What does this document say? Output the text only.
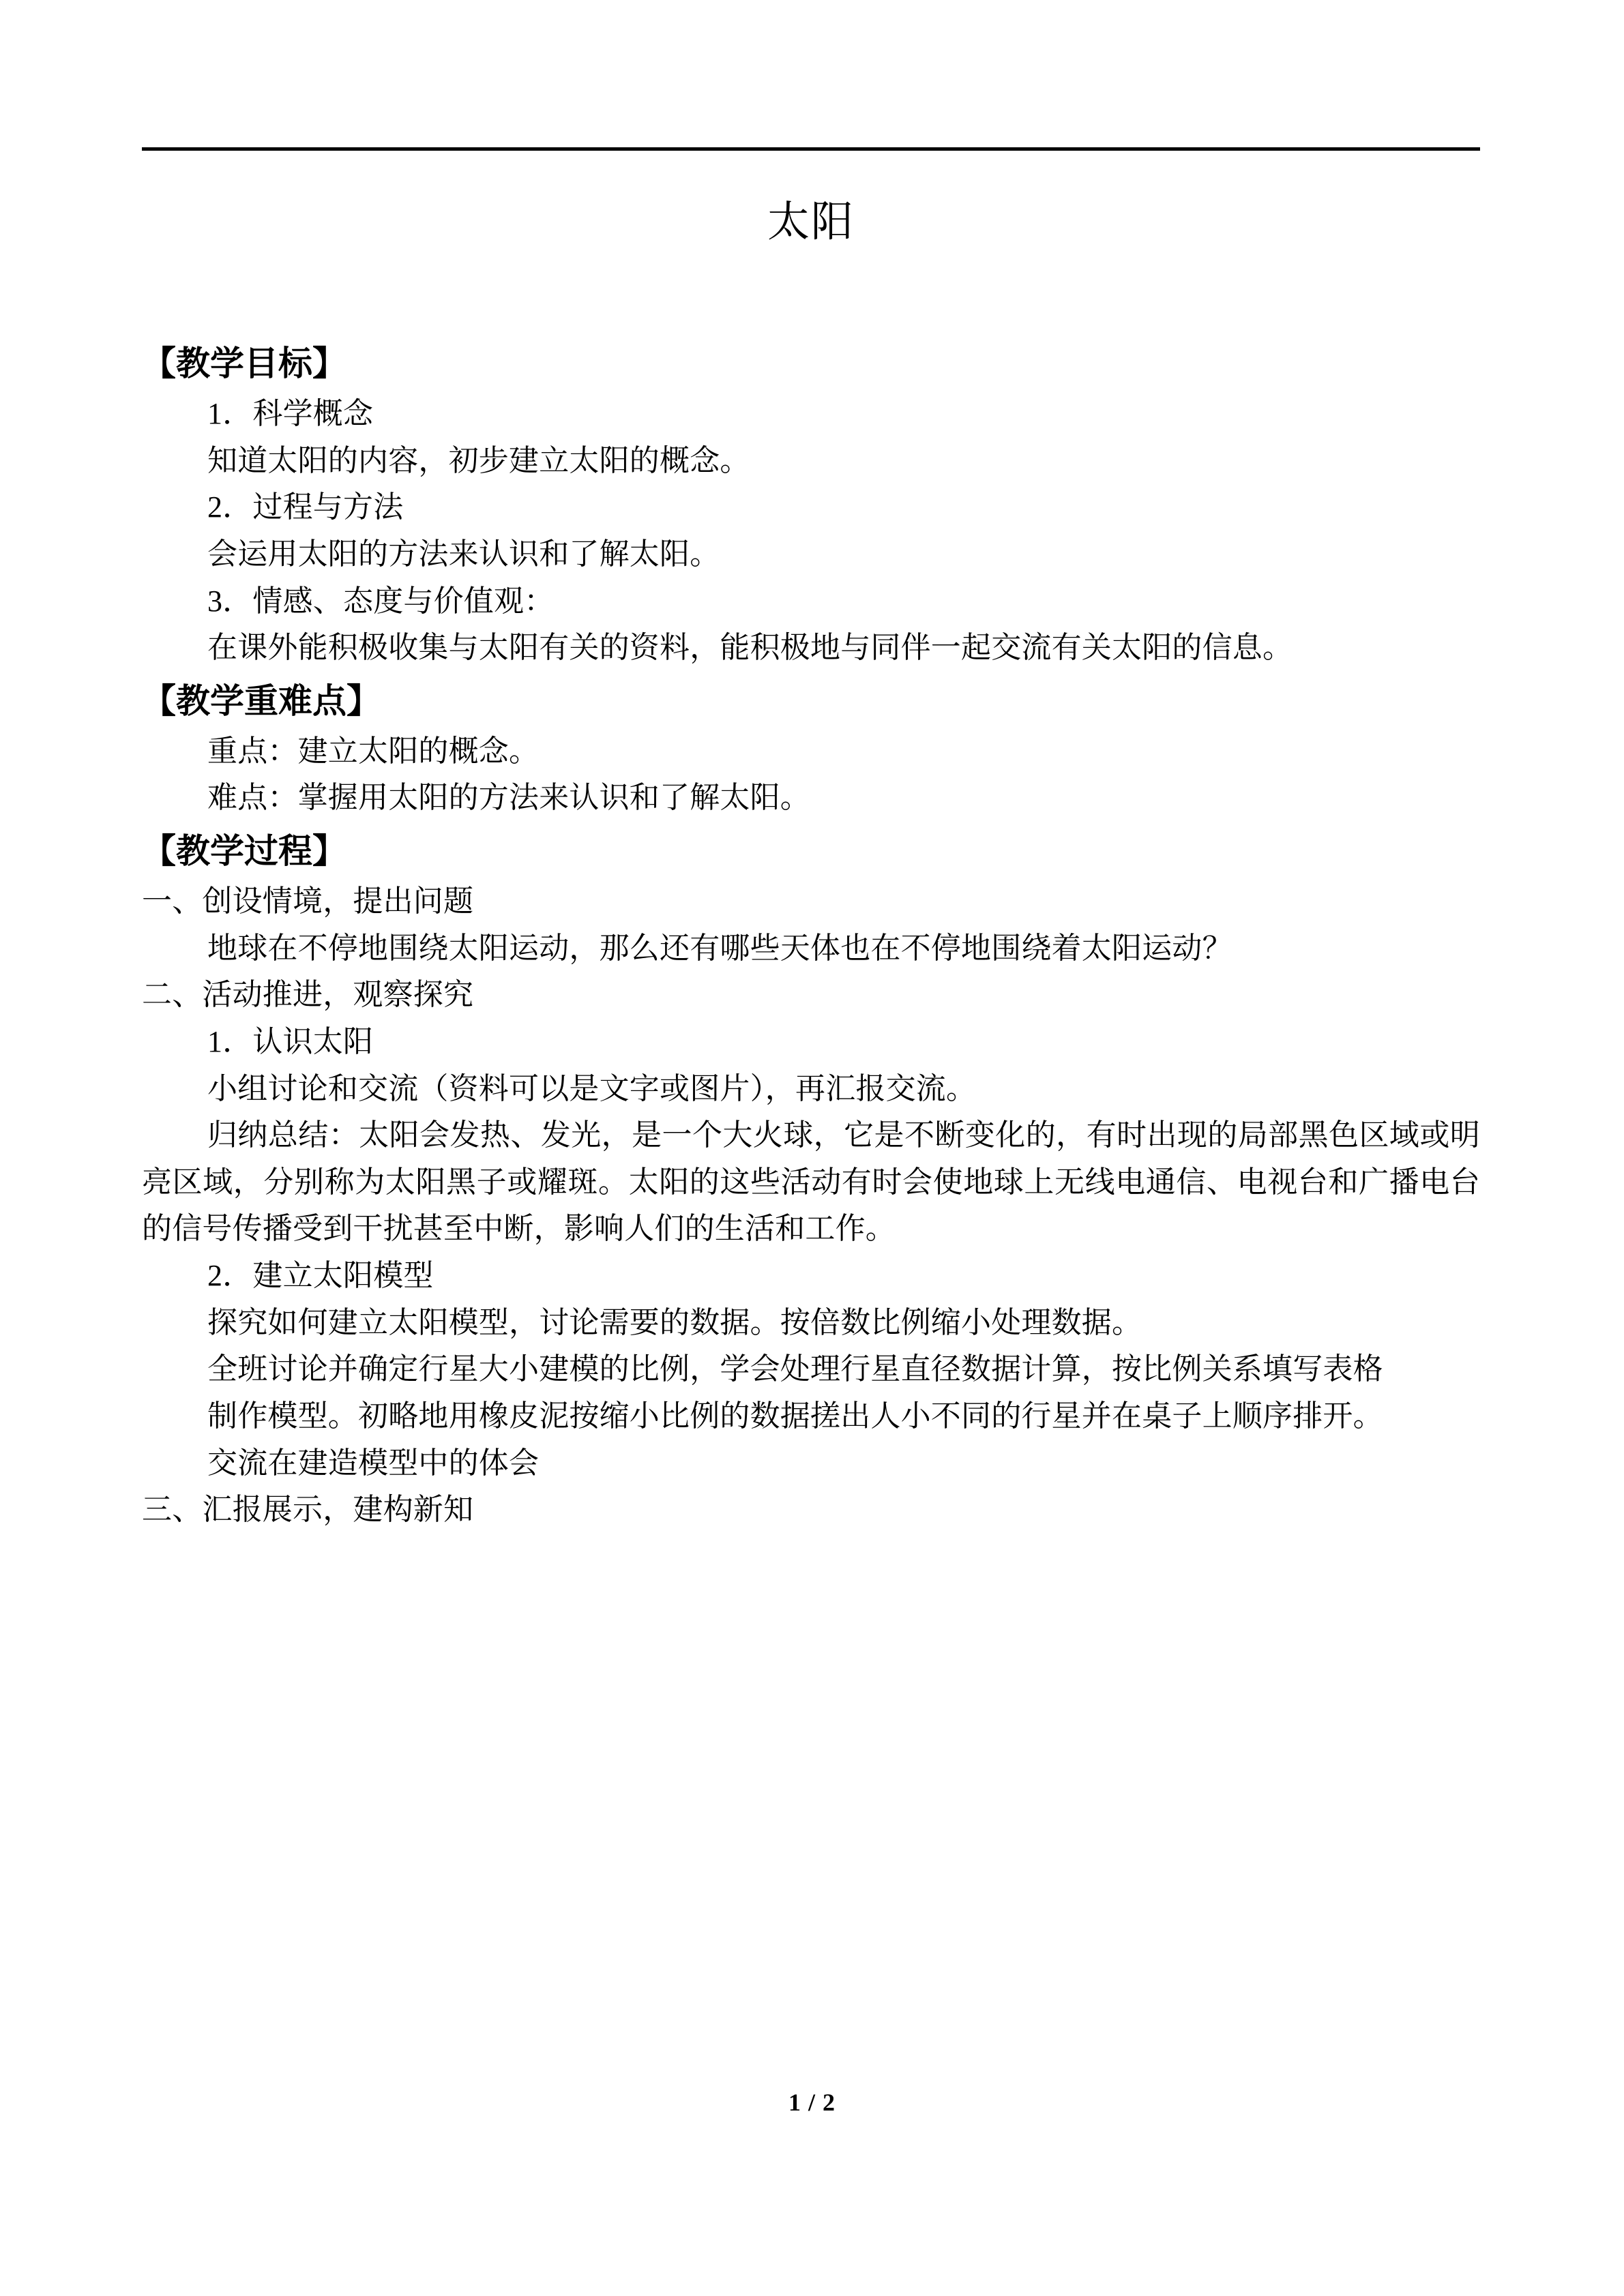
太阳
【教学目标】

1．科学概念

知道太阳的内容，初步建立太阳的概念。

2．过程与方法

会运用太阳的方法来认识和了解太阳。

3．情感、态度与价值观：

在课外能积极收集与太阳有关的资料，能积极地与同伴一起交流有关太阳的信息。

【教学重难点】

重点：建立太阳的概念。

难点：掌握用太阳的方法来认识和了解太阳。

【教学过程】

一、创设情境，提出问题

地球在不停地围绕太阳运动，那么还有哪些天体也在不停地围绕着太阳运动？

二、活动推进，观察探究

1．认识太阳

小组讨论和交流（资料可以是文字或图片），再汇报交流。

归纳总结：太阳会发热、发光，是一个大火球，它是不断变化的，有时出现的局部黑色区域或明亮区域，分别称为太阳黑子或耀斑。太阳的这些活动有时会使地球上无线电通信、电视台和广播电台的信号传播受到干扰甚至中断，影响人们的生活和工作。

2．建立太阳模型

探究如何建立太阳模型，讨论需要的数据。按倍数比例缩小处理数据。

全班讨论并确定行星大小建模的比例，学会处理行星直径数据计算，按比例关系填写表格

制作模型。初略地用橡皮泥按缩小比例的数据搓出人小不同的行星并在桌子上顺序排开。

交流在建造模型中的体会

三、汇报展示，建构新知

1 / 2
